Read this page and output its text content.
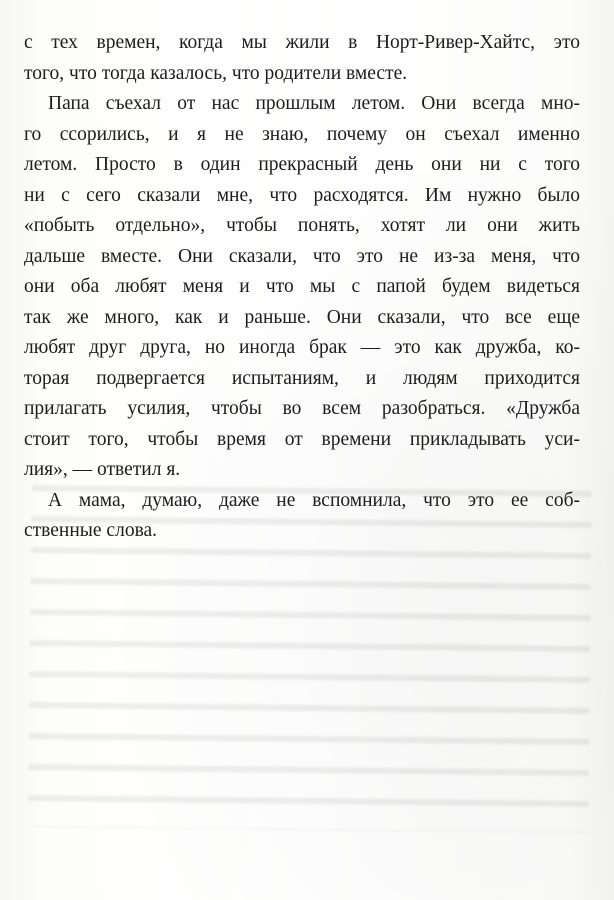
с тех времен, когда мы жили в Норт-Ривер-Хайтс, это
того, что тогда казалось, что родители вместе.

Папа съехал от нас прошлым летом. Они всегда мно-
го ссорились, и я не знаю, почему он съехал именно
летом. Просто в один прекрасный день они ни с того
ни с сего сказали мне, что расходятся. Им нужно было
«побыть отдельно», чтобы понять, хотят ли они жить
дальше вместе. Они сказали, что это не из-за меня, что
они оба любят меня и что мы с папой будем видеться
так же много, как и раньше. Они сказали, что все еще
любят друг друга, но иногда брак — это как дружба, ко-
торая подвергается испытаниям, и людям приходится
прилагать усилия, чтобы во всем разобраться. «Дружба
стоит того, чтобы время от времени прикладывать уси-
лия», — ответил я.

А мама, думаю, даже не вспомнила, что это ее соб-
ственные слова.
